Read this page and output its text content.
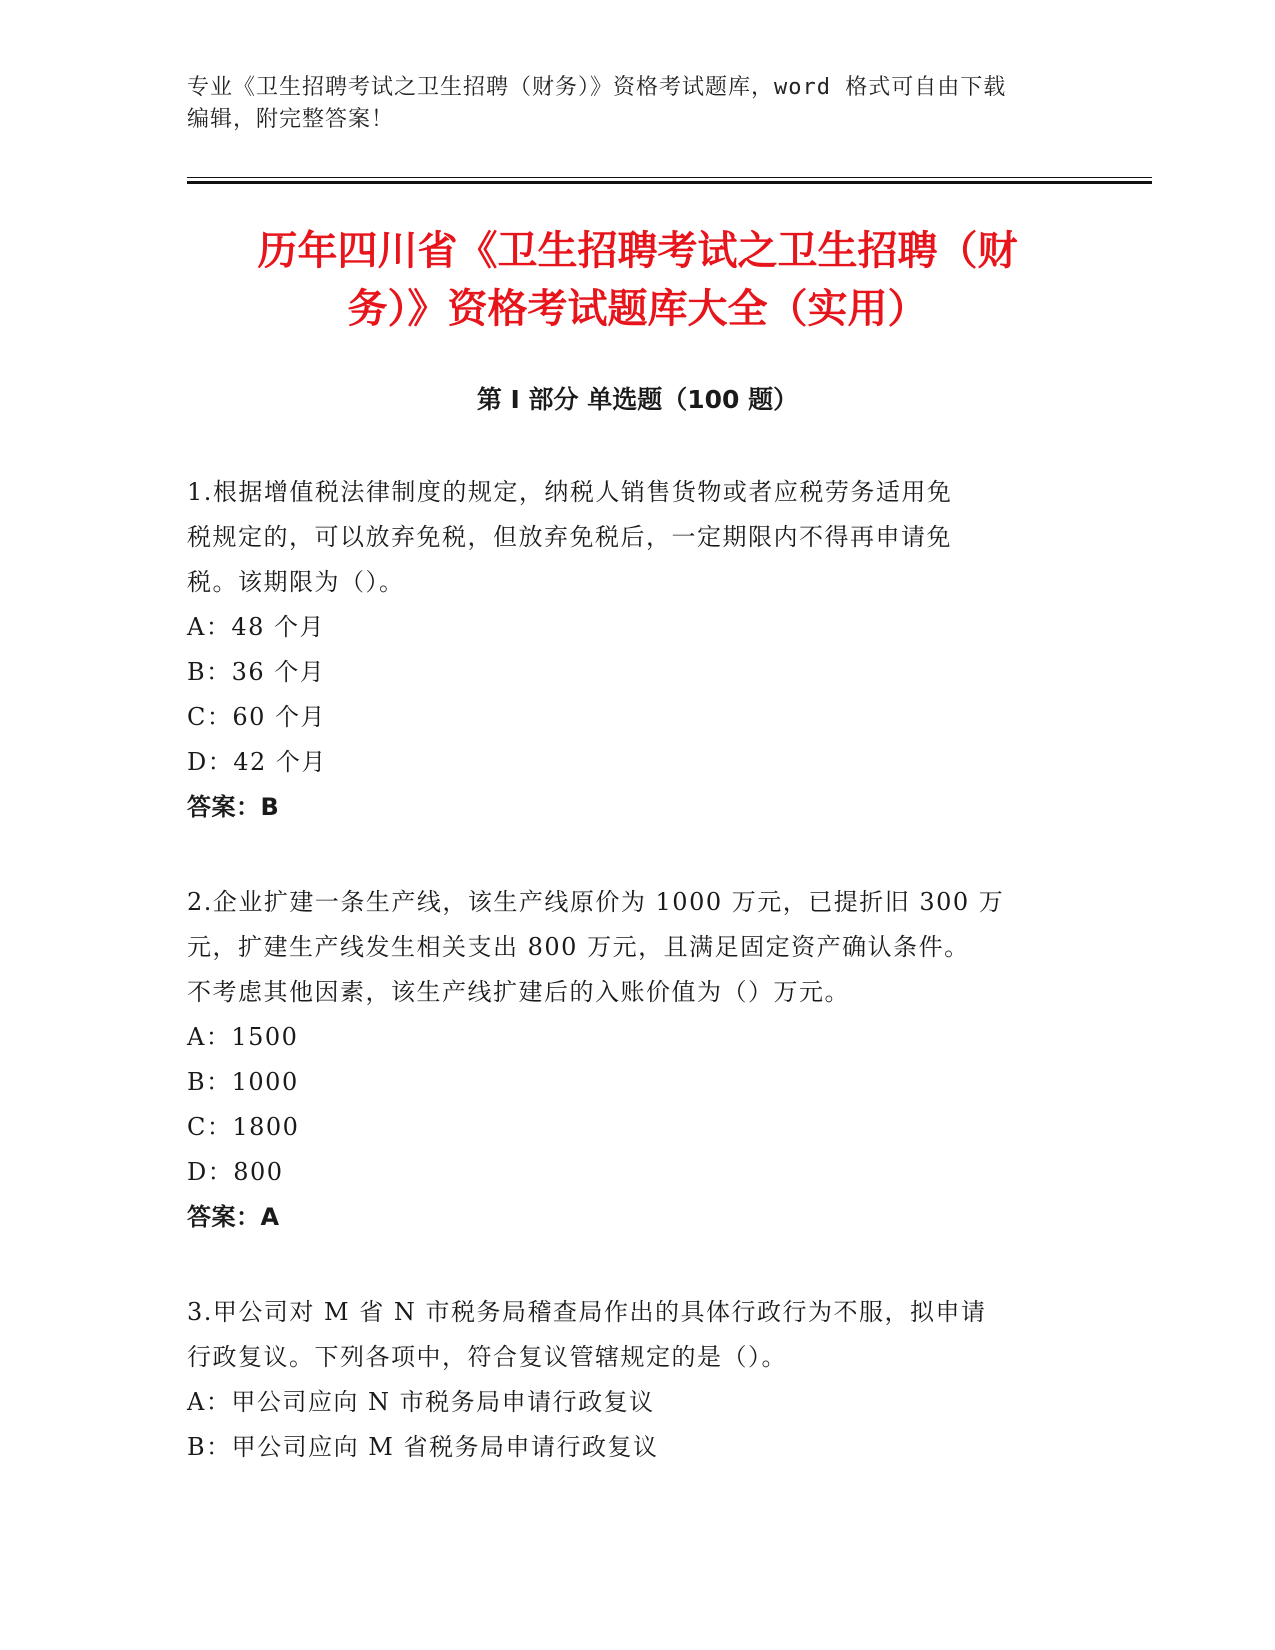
专业《卫生招聘考试之卫生招聘（财务）》资格考试题库，word 格式可自由下载
编辑，附完整答案！
历年四川省《卫生招聘考试之卫生招聘（财
务）》资格考试题库大全（实用）
第 I 部分 单选题（100 题）
1.根据增值税法律制度的规定，纳税人销售货物或者应税劳务适用免
税规定的，可以放弃免税，但放弃免税后，一定期限内不得再申请免
税。该期限为（）。
A：48 个月
B：36 个月
C：60 个月
D：42 个月
答案：B
2.企业扩建一条生产线，该生产线原价为 1000 万元，已提折旧 300 万
元，扩建生产线发生相关支出 800 万元，且满足固定资产确认条件。
不考虑其他因素，该生产线扩建后的入账价值为（）万元。
A：1500
B：1000
C：1800
D：800
答案：A
3.甲公司对 M 省 N 市税务局稽查局作出的具体行政行为不服，拟申请
行政复议。下列各项中，符合复议管辖规定的是（）。
A：甲公司应向 N 市税务局申请行政复议
B：甲公司应向 M 省税务局申请行政复议
